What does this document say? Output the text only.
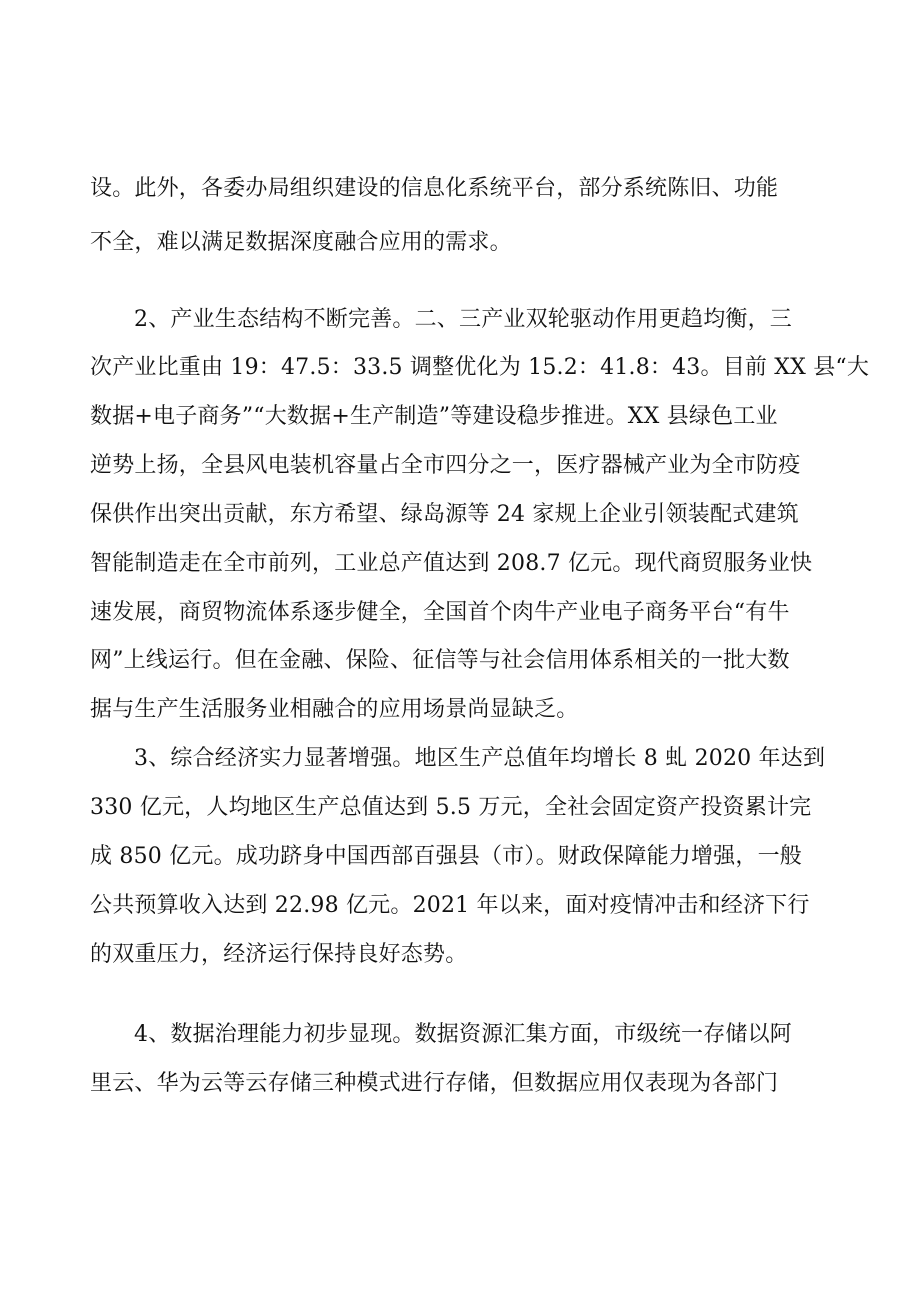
设。此外，各委办局组织建设的信息化系统平台，部分系统陈旧、功能

不全，难以满足数据深度融合应用的需求。

2、产业生态结构不断完善。二、三产业双轮驱动作用更趋均衡，三

次产业比重由 19：47.5：33.5 调整优化为 15.2：41.8：43。目前 XX 县“大

数据+电子商务”“大数据+生产制造”等建设稳步推进。XX 县绿色工业

逆势上扬，全县风电装机容量占全市四分之一，医疗器械产业为全市防疫

保供作出突出贡献，东方希望、绿岛源等 24 家规上企业引领装配式建筑

智能制造走在全市前列，工业总产值达到 208.7 亿元。现代商贸服务业快

速发展，商贸物流体系逐步健全，全国首个肉牛产业电子商务平台“有牛

网”上线运行。但在金融、保险、征信等与社会信用体系相关的一批大数

据与生产生活服务业相融合的应用场景尚显缺乏。

3、综合经济实力显著增强。地区生产总值年均增长 8 虬 2020 年达到

330 亿元，人均地区生产总值达到 5.5 万元，全社会固定资产投资累计完

成 850 亿元。成功跻身中国西部百强县（市）。财政保障能力增强，一般

公共预算收入达到 22.98 亿元。2021 年以来，面对疫情冲击和经济下行

的双重压力，经济运行保持良好态势。

4、数据治理能力初步显现。数据资源汇集方面，市级统一存储以阿

里云、华为云等云存储三种模式进行存储，但数据应用仅表现为各部门
